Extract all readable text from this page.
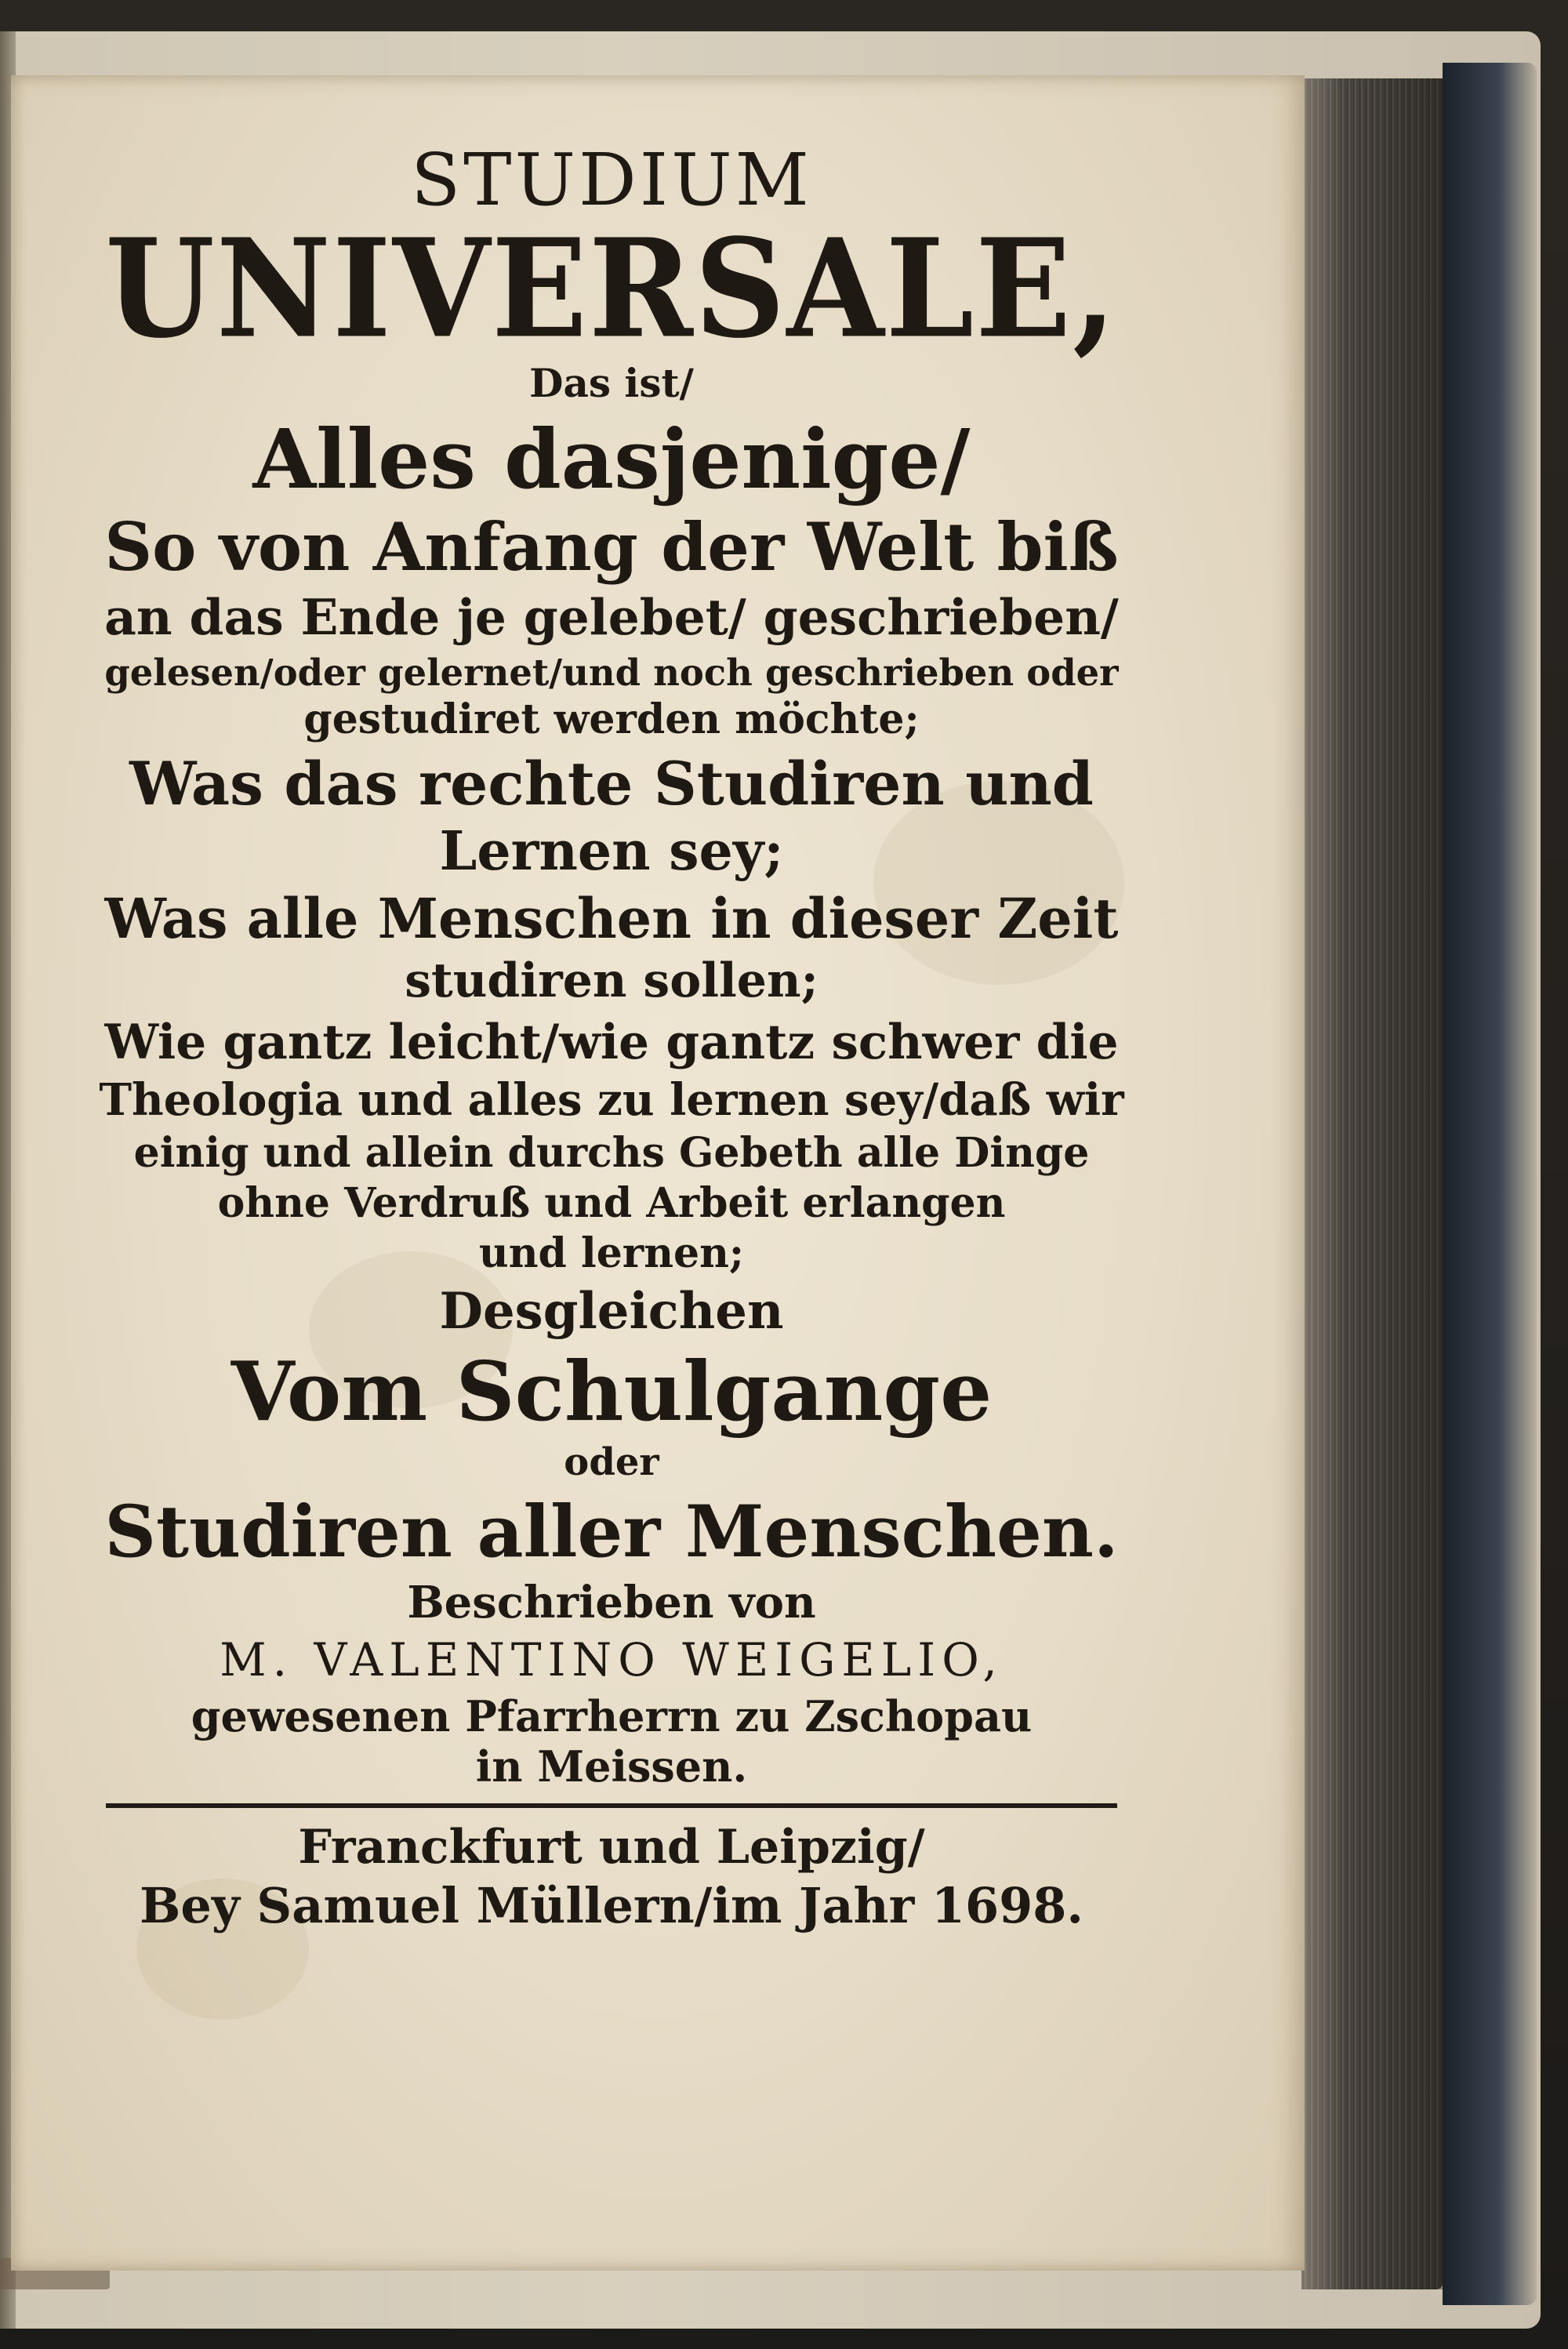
STUDIUM
UNIVERSALE,
Das ist/
Alles dasjenige/
So von Anfang der Welt biß
an das Ende je gelebet/ geschrieben/
gelesen/oder gelernet/und noch geschrieben oder
gestudiret werden möchte;
Was das rechte Studiren und
Lernen sey;
Was alle Menschen in dieser Zeit
studiren sollen;
Wie gantz leicht/wie gantz schwer die
Theologia und alles zu lernen sey/daß wir
einig und allein durchs Gebeth alle Dinge
ohne Verdruß und Arbeit erlangen
und lernen;
Desgleichen
Vom Schulgange
oder
Studiren aller Menschen.
Beschrieben von
M. VALENTINO WEIGELIO,
gewesenen Pfarrherrn zu Zschopau
in Meissen.
Franckfurt und Leipzig/
Bey Samuel Müllern/im Jahr 1698.
